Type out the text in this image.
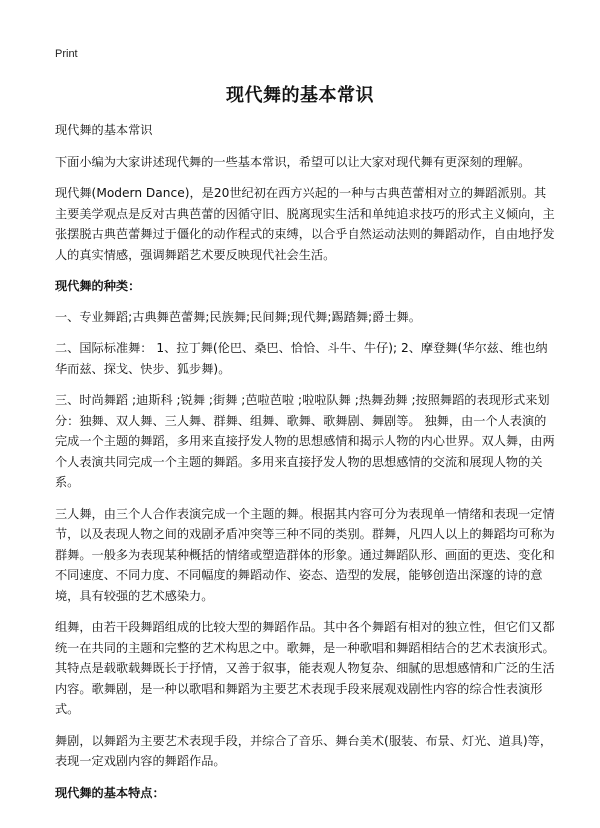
Print
现代舞的基本常识

现代舞的基本常识

下面小编为大家讲述现代舞的一些基本常识，希望可以让大家对现代舞有更深刻的理解。

现代舞(Modern Dance)，是20世纪初在西方兴起的一种与古典芭蕾相对立的舞蹈派别。其主要美学观点是反对古典芭蕾的因循守旧、脱离现实生活和单纯追求技巧的形式主义倾向，主张摆脱古典芭蕾舞过于僵化的动作程式的束缚，以合乎自然运动法则的舞蹈动作，自由地抒发人的真实情感，强调舞蹈艺术要反映现代社会生活。

现代舞的种类：

一、专业舞蹈;古典舞芭蕾舞;民族舞;民间舞;现代舞;踢踏舞;爵士舞。

二、国际标准舞： 1、拉丁舞(伦巴、桑巴、恰恰、斗牛、牛仔); 2、摩登舞(华尔兹、维也纳华而兹、探戈、快步、狐步舞)。

三、时尚舞蹈 ;迪斯科 ;锐舞 ;街舞 ;芭啦芭啦 ;啦啦队舞 ;热舞劲舞 ;按照舞蹈的表现形式来划分：独舞、双人舞、三人舞、群舞、组舞、歌舞、歌舞剧、舞剧等。 独舞，由一个人表演的完成一个主题的舞蹈，多用来直接抒发人物的思想感情和揭示人物的内心世界。双人舞，由两个人表演共同完成一个主题的舞蹈。多用来直接抒发人物的思想感情的交流和展现人物的关系。

三人舞，由三个人合作表演完成一个主题的舞。根据其内容可分为表现单一情绪和表现一定情节，以及表现人物之间的戏剧矛盾冲突等三种不同的类别。群舞，凡四人以上的舞蹈均可称为群舞。一般多为表现某种概括的情绪或塑造群体的形象。通过舞蹈队形、画面的更迭、变化和不同速度、不同力度、不同幅度的舞蹈动作、姿态、造型的发展，能够创造出深邃的诗的意境，具有较强的艺术感染力。

组舞，由若干段舞蹈组成的比较大型的舞蹈作品。其中各个舞蹈有相对的独立性，但它们又都统一在共同的主题和完整的艺术构思之中。歌舞，是一种歌唱和舞蹈相结合的艺术表演形式。其特点是载歌载舞既长于抒情，又善于叙事，能表观人物复杂、细腻的思想感情和广泛的生活内容。歌舞剧，是一种以歌唱和舞蹈为主要艺术表现手段来展观戏剧性内容的综合性表演形式。

舞剧，以舞蹈为主要艺术表现手段，并综合了音乐、舞台美术(服装、布景、灯光、道具)等，表现一定戏剧内容的舞蹈作品。

现代舞的基本特点：
